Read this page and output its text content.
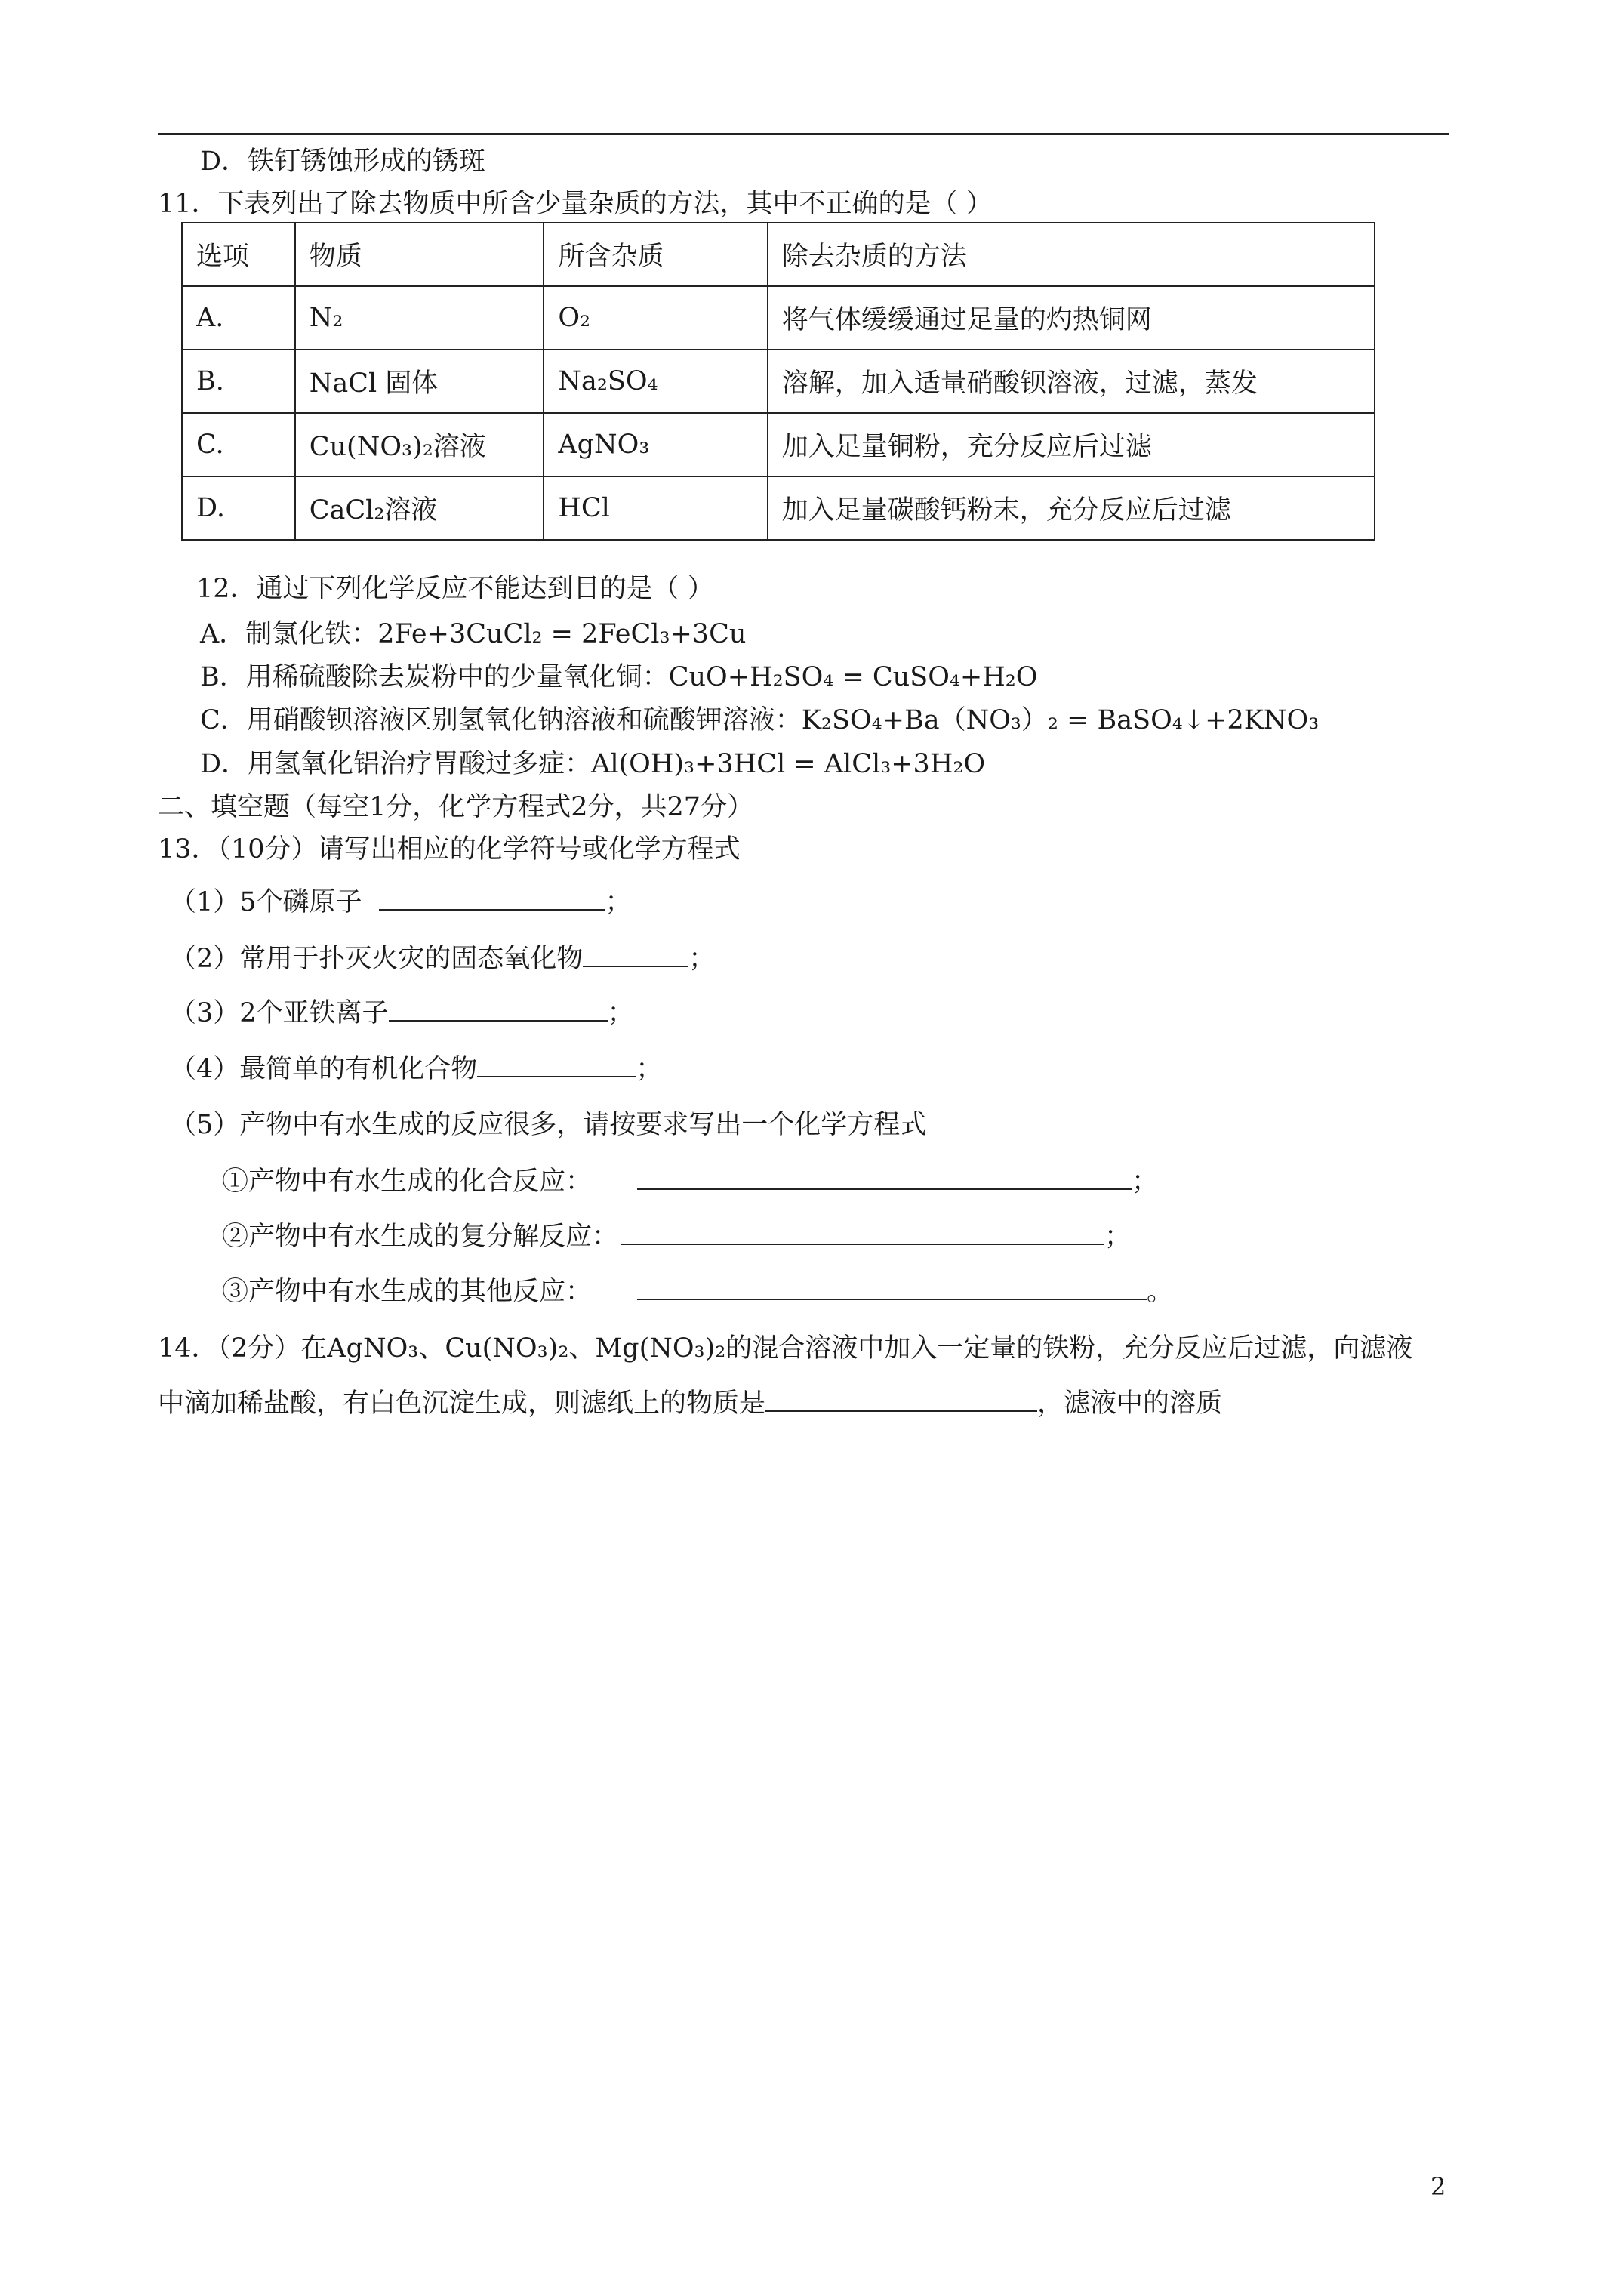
D．铁钉锈蚀形成的锈斑
11．下表列出了除去物质中所含少量杂质的方法，其中不正确的是（ ）
选项	物质	所含杂质	除去杂质的方法
A.	N₂	O₂	将气体缓缓通过足量的灼热铜网
B.	NaCl 固体	Na₂SO₄	溶解，加入适量硝酸钡溶液，过滤，蒸发
C.	Cu(NO₃)₂溶液	AgNO₃	加入足量铜粉，充分反应后过滤
D.	CaCl₂溶液	HCl	加入足量碳酸钙粉末，充分反应后过滤
12．通过下列化学反应不能达到目的是（ ）
A．制氯化铁：2Fe+3CuCl₂ = 2FeCl₃+3Cu
B．用稀硫酸除去炭粉中的少量氧化铜：CuO+H₂SO₄ = CuSO₄+H₂O
C．用硝酸钡溶液区别氢氧化钠溶液和硫酸钾溶液：K₂SO₄+Ba（NO₃）₂ = BaSO₄↓+2KNO₃
D．用氢氧化铝治疗胃酸过多症：Al(OH)₃+3HCl = AlCl₃+3H₂O
二、填空题（每空1分，化学方程式2分，共27分）
13．（10分）请写出相应的化学符号或化学方程式
（1）5个磷原子	；
（2）常用于扑灭火灾的固态氧化物	；
（3）2个亚铁离子	；
（4）最简单的有机化合物	；
（5）产物中有水生成的反应很多，请按要求写出一个化学方程式
①产物中有水生成的化合反应：	；
②产物中有水生成的复分解反应：	；
③产物中有水生成的其他反应：	。
14．（2分）在AgNO₃、Cu(NO₃)₂、Mg(NO₃)₂的混合溶液中加入一定量的铁粉，充分反应后过滤，向滤液
中滴加稀盐酸，有白色沉淀生成，则滤纸上的物质是	，滤液中的溶质
2
